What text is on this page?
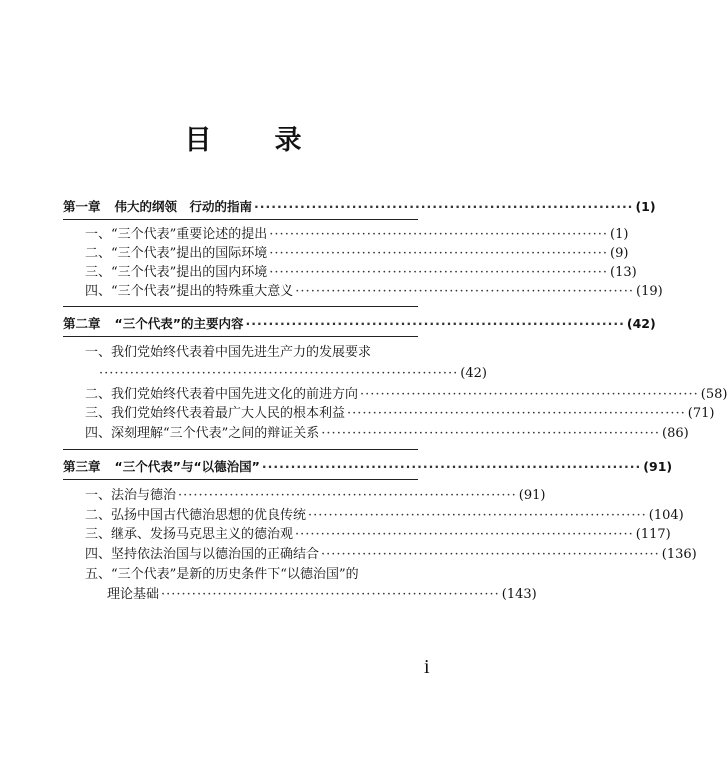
目　录
第一章 伟大的纲领　行动的指南 ·································································· (1)
一、“三个代表”重要论述的提出 ·································································· (1)
二、“三个代表”提出的国际环境 ·································································· (9)
三、“三个代表”提出的国内环境 ·································································· (13)
四、“三个代表”提出的特殊重大意义 ·································································· (19)
第二章 “三个代表”的主要内容 ·································································· (42)
一、我们党始终代表着中国先进生产力的发展要求
······································································ (42)
二、我们党始终代表着中国先进文化的前进方向 ·································································· (58)
三、我们党始终代表着最广大人民的根本利益 ·································································· (71)
四、深刻理解“三个代表”之间的辩证关系 ·································································· (86)
第三章 “三个代表”与“以德治国” ·································································· (91)
一、法治与德治 ·································································· (91)
二、弘扬中国古代德治思想的优良传统 ·································································· (104)
三、继承、发扬马克思主义的德治观 ·································································· (117)
四、坚持依法治国与以德治国的正确结合 ·································································· (136)
五、“三个代表”是新的历史条件下“以德治国”的
理论基础 ·································································· (143)
i
